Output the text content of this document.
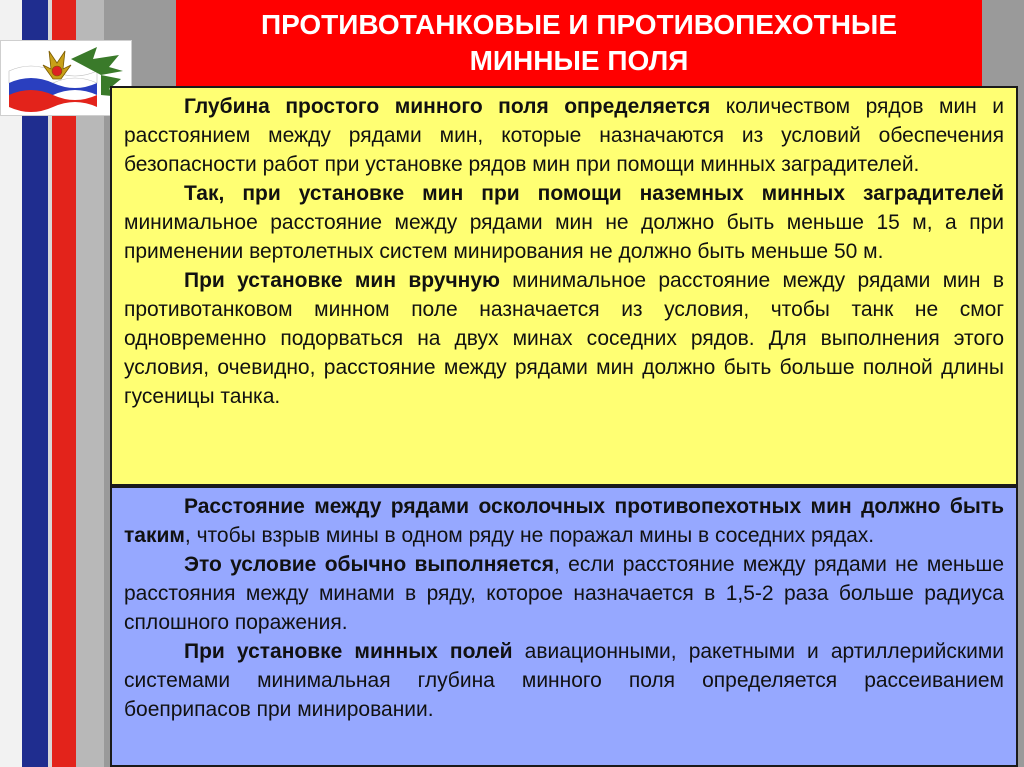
ПРОТИВОТАНКОВЫЕ И ПРОТИВОПЕХОТНЫЕ
МИННЫЕ ПОЛЯ

Глубина простого минного поля определяется количеством рядов мин и расстоянием между рядами мин, которые назначаются из условий обеспечения безопасности работ при установке рядов мин при помощи минных заградителей.

Так, при установке мин при помощи наземных минных заградителей минимальное расстояние между рядами мин не должно быть меньше 15 м, а при применении вертолетных систем минирования не должно быть меньше 50 м.

При установке мин вручную минимальное расстояние между рядами мин в противотанковом минном поле назначается из условия, чтобы танк не смог одновременно подорваться на двух минах соседних рядов. Для выполнения этого условия, очевидно, расстояние между рядами мин должно быть больше полной длины гусеницы танка.

Расстояние между рядами осколочных противопехотных мин должно быть таким, чтобы взрыв мины в одном ряду не поражал мины в соседних рядах.

Это условие обычно выполняется, если расстояние между рядами не меньше расстояния между минами в ряду, которое назначается в 1,5-2 раза больше радиуса сплошного поражения.

При установке минных полей авиационными, ракетными и артиллерийскими системами минимальная глубина минного поля определяется рассеиванием боеприпасов при минировании.
